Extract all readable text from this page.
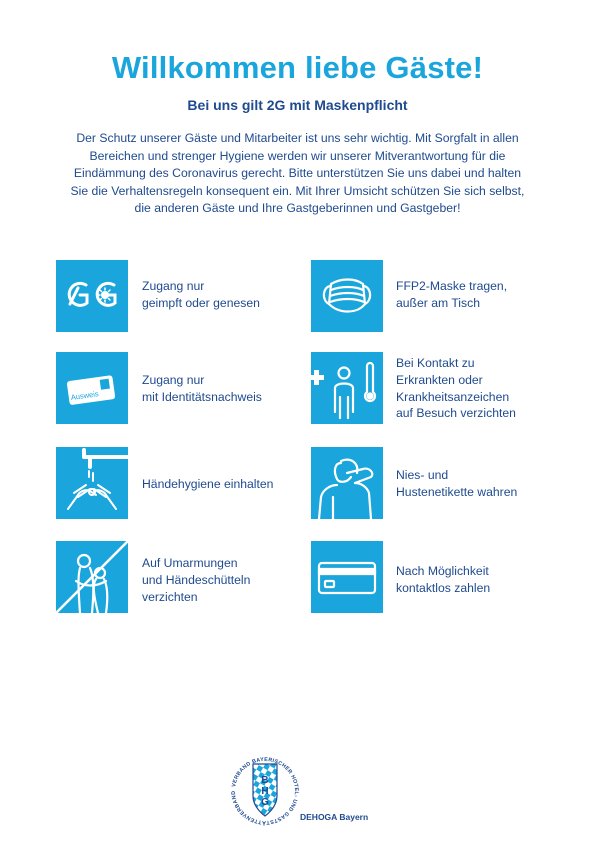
Willkommen liebe Gäste!
Bei uns gilt 2G mit Maskenpflicht
Der Schutz unserer Gäste und Mitarbeiter ist uns sehr wichtig. Mit Sorgfalt in allen
Bereichen und strenger Hygiene werden wir unserer Mitverantwortung für die
Eindämmung des Coronavirus gerecht. Bitte unterstützen Sie uns dabei und halten
Sie die Verhaltensregeln konsequent ein. Mit Ihrer Umsicht schützen Sie sich selbst,
die anderen Gäste und Ihre Gastgeberinnen und Gastgeber!
Zugang nur
geimpft oder genesen
FFP2-Maske tragen,
außer am Tisch
Ausweis
Zugang nur
mit Identitätsnachweis
Bei Kontakt zu
Erkrankten oder
Krankheitsanzeichen
auf Besuch verzichten
Händehygiene einhalten
Nies- und
Hustenetikette wahren
Auf Umarmungen
und Händeschütteln
verzichten
Nach Möglichkeit
kontaktlos zahlen
B
H
G
VERBAND BAYERISCHER HOTEL- UND GASTSTÄTTENVERBAND
DEHOGA Bayern
